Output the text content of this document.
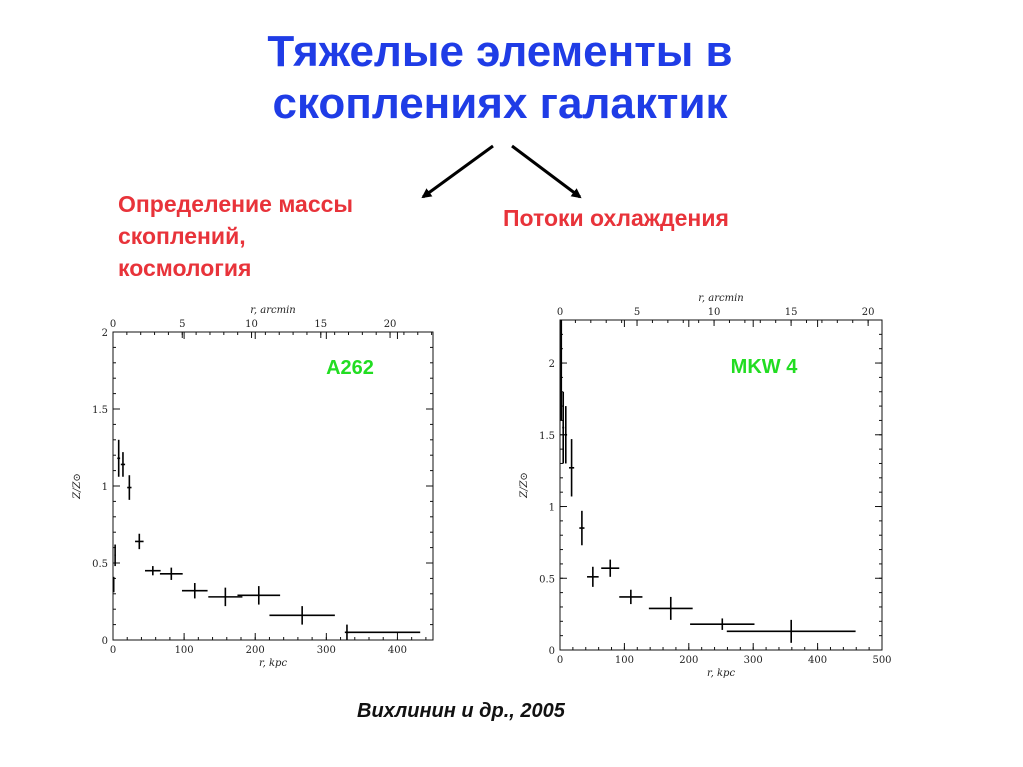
Тяжелые элементы в
скоплениях галактик
Определение массы
скоплений,
космология
Потоки охлаждения
0	100	200	300	400
0	5	10	15	20
0
0.5
1
1.5
2
r, kpc
r, arcmin
Z/Z⊙
A262
0	100	200	300	400	500
0	5	10	15	20
0
0.5
1
1.5
2
r, kpc
r, arcmin
Z/Z⊙
MKW 4
Вихлинин и др., 2005
